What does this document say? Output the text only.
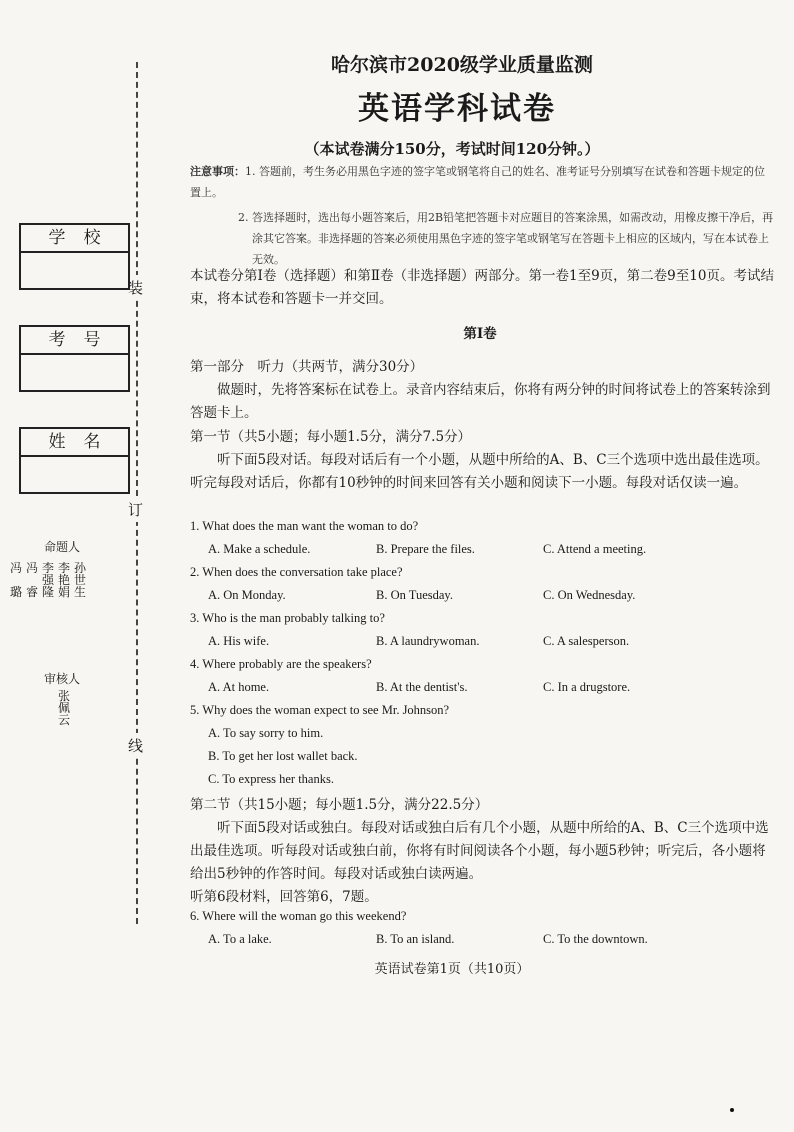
装
订
线
学校
考号
姓名
命题人
冯
璐
冯
睿
李
强
隆
李
艳
娟
孙
世
生
审核人
张
佩
云
哈尔滨市2020级学业质量监测
英语学科试卷
（本试卷满分150分，考试时间120分钟。）
注意事项：1. 答题前，考生务必用黑色字迹的签字笔或钢笔将自己的姓名、准考证号分别填写在试卷和答题卡规定的位置上。
2. 答选择题时，选出每小题答案后，用2B铅笔把答题卡对应题目的答案涂黑，如需改动，用橡皮擦干净后，再涂其它答案。非选择题的答案必须使用黑色字迹的签字笔或钢笔写在答题卡上相应的区域内，写在本试卷上无效。
本试卷分第Ⅰ卷（选择题）和第Ⅱ卷（非选择题）两部分。第一卷1至9页，第二卷9至10页。考试结束，将本试卷和答题卡一并交回。
第Ⅰ卷
第一部分　听力（共两节，满分30分）
做题时，先将答案标在试卷上。录音内容结束后，你将有两分钟的时间将试卷上的答案转涂到答题卡上。
第一节（共5小题；每小题1.5分，满分7.5分）
听下面5段对话。每段对话后有一个小题，从题中所给的A、B、C三个选项中选出最佳选项。听完每段对话后，你都有10秒钟的时间来回答有关小题和阅读下一小题。每段对话仅读一遍。
1. What does the man want the woman to do?
A. Make a schedule.	B. Prepare the files.	C. Attend a meeting.
2. When does the conversation take place?
A. On Monday.	B. On Tuesday.	C. On Wednesday.
3. Who is the man probably talking to?
A. His wife.	B. A laundrywoman.	C. A salesperson.
4. Where probably are the speakers?
A. At home.	B. At the dentist's.	C. In a drugstore.
5. Why does the woman expect to see Mr. Johnson?
A. To say sorry to him.
B. To get her lost wallet back.
C. To express her thanks.
第二节（共15小题；每小题1.5分，满分22.5分）
听下面5段对话或独白。每段对话或独白后有几个小题，从题中所给的A、B、C三个选项中选出最佳选项。听每段对话或独白前，你将有时间阅读各个小题，每小题5秒钟；听完后，各小题将给出5秒钟的作答时间。每段对话或独白读两遍。
听第6段材料，回答第6，7题。
6. Where will the woman go this weekend?
A. To a lake.	B. To an island.	C. To the downtown.
英语试卷第1页（共10页）
